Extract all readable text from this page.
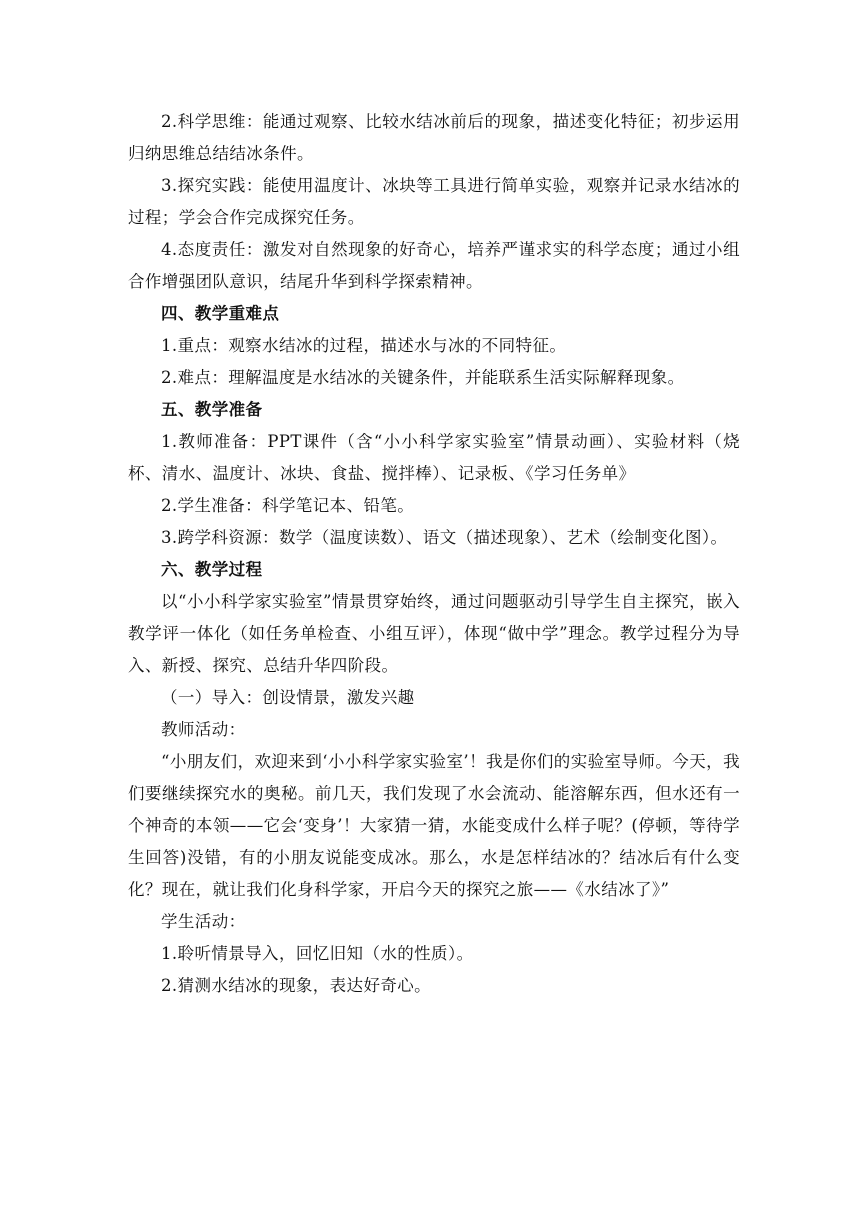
2.科学思维：能通过观察、比较水结冰前后的现象，描述变化特征；初步运用归纳思维总结结冰条件。

3.探究实践：能使用温度计、冰块等工具进行简单实验，观察并记录水结冰的过程；学会合作完成探究任务。

4.态度责任：激发对自然现象的好奇心，培养严谨求实的科学态度；通过小组合作增强团队意识，结尾升华到科学探索精神。

四、教学重难点

1.重点：观察水结冰的过程，描述水与冰的不同特征。

2.难点：理解温度是水结冰的关键条件，并能联系生活实际解释现象。

五、教学准备

1.教师准备：PPT课件（含“小小科学家实验室”情景动画）、实验材料（烧杯、清水、温度计、冰块、食盐、搅拌棒）、记录板、《学习任务单》

2.学生准备：科学笔记本、铅笔。

3.跨学科资源：数学（温度读数）、语文（描述现象）、艺术（绘制变化图）。

六、教学过程

以“小小科学家实验室”情景贯穿始终，通过问题驱动引导学生自主探究，嵌入教学评一体化（如任务单检查、小组互评），体现“做中学”理念。教学过程分为导入、新授、探究、总结升华四阶段。

（一）导入：创设情景，激发兴趣

教师活动：

“小朋友们，欢迎来到‘小小科学家实验室’！我是你们的实验室导师。今天，我们要继续探究水的奥秘。前几天，我们发现了水会流动、能溶解东西，但水还有一个神奇的本领——它会‘变身’！大家猜一猜，水能变成什么样子呢？(停顿，等待学生回答)没错，有的小朋友说能变成冰。那么，水是怎样结冰的？结冰后有什么变化？现在，就让我们化身科学家，开启今天的探究之旅——《水结冰了》”

学生活动：

1.聆听情景导入，回忆旧知（水的性质）。

2.猜测水结冰的现象，表达好奇心。
